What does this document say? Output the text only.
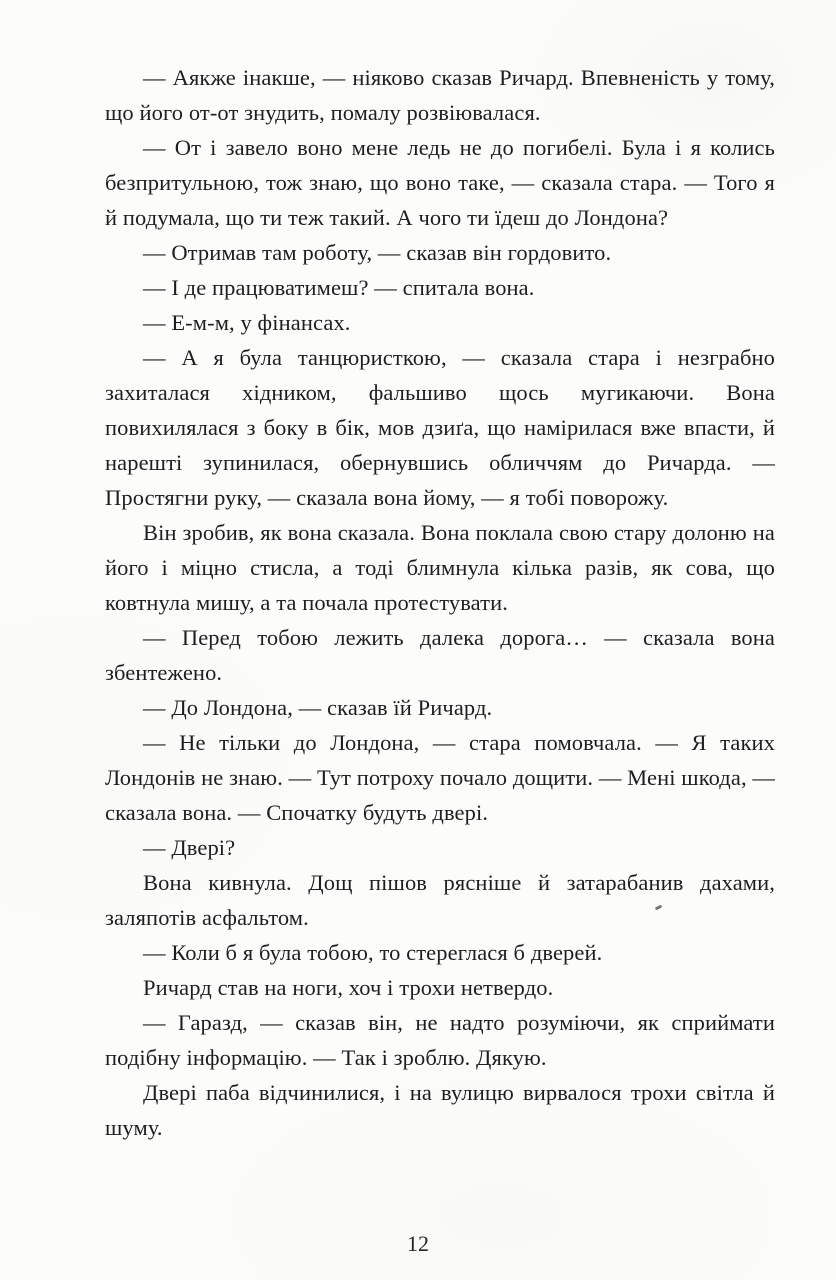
— Аякже інакше, — ніяково сказав Ричард. Впевненість у тому, що його от-от знудить, помалу розвіювалася.

— От і завело воно мене ледь не до погибелі. Була і я колись безпритульною, тож знаю, що воно таке, — сказала стара. — Того я й подумала, що ти теж такий. А чого ти їдеш до Лондона?

— Отримав там роботу, — сказав він гордовито.

— І де працюватимеш? — спитала вона.

— Е-м-м, у фінансах.

— А я була танцюристкою, — сказала стара і незграбно захиталася хідником, фальшиво щось мугикаючи. Вона повихилялася з боку в бік, мов дзиґа, що намірилася вже впасти, й нарешті зупинилася, обернувшись обличчям до Ричарда. — Простягни руку, — сказала вона йому, — я тобі поворожу.

Він зробив, як вона сказала. Вона поклала свою стару долоню на його і міцно стисла, а тоді блимнула кілька разів, як сова, що ковтнула мишу, а та почала протестувати.

— Перед тобою лежить далека дорога… — сказала вона збентежено.

— До Лондона, — сказав їй Ричард.

— Не тільки до Лондона, — стара помовчала. — Я таких Лондонів не знаю. — Тут потроху почало дощити. — Мені шкода, — сказала вона. — Спочатку будуть двері.

— Двері?

Вона кивнула. Дощ пішов рясніше й затарабанив дахами, заляпотів асфальтом.

— Коли б я була тобою, то стереглася б дверей.

Ричард став на ноги, хоч і трохи нетвердо.

— Гаразд, — сказав він, не надто розуміючи, як сприймати подібну інформацію. — Так і зроблю. Дякую.

Двері паба відчинилися, і на вулицю вирвалося трохи світла й шуму.

12
